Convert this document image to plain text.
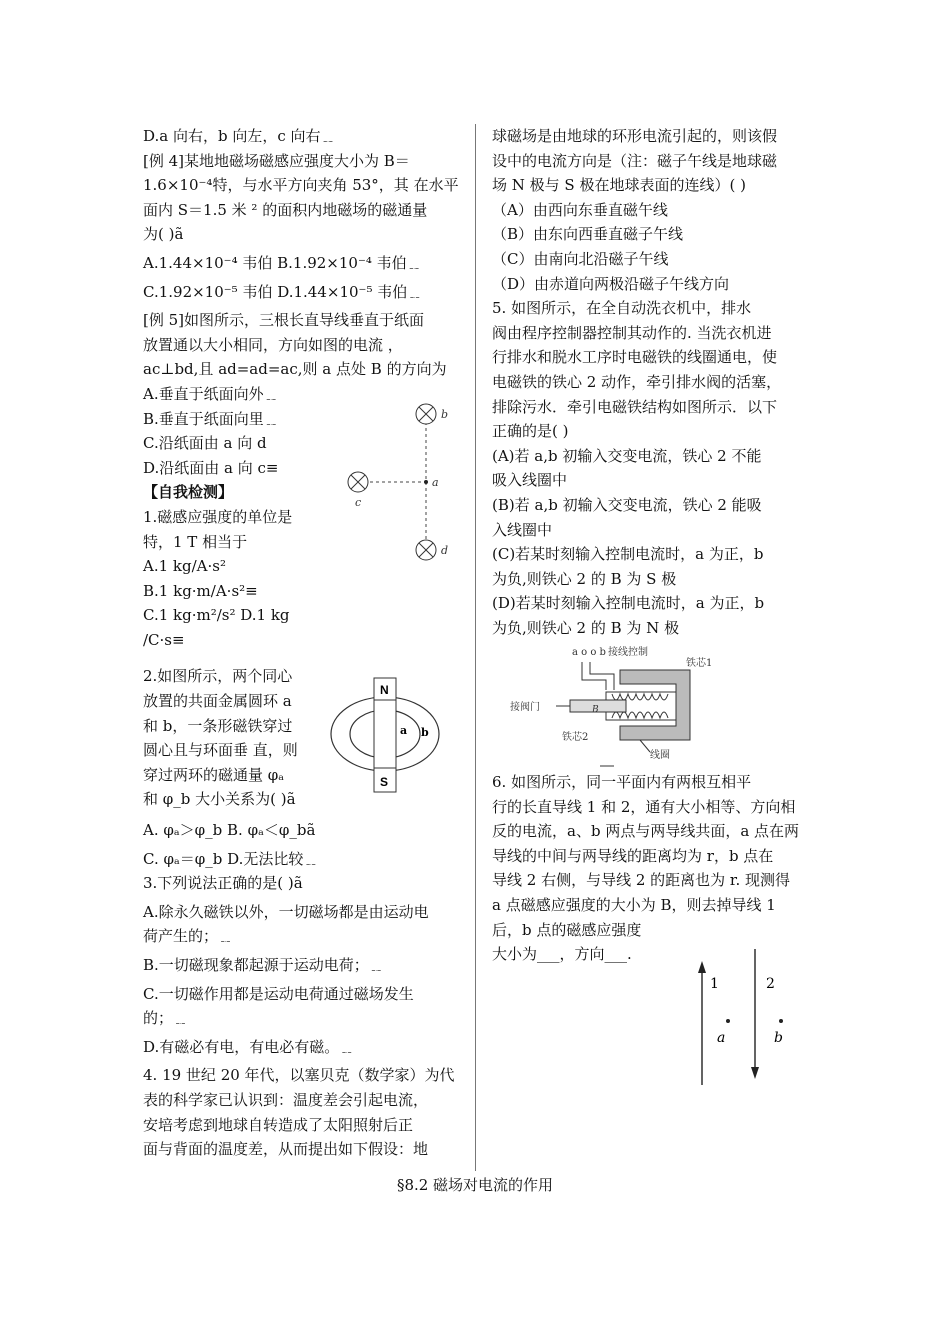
D.a 向右，b 向左，c 向右﹎
[例 4]某地地磁场磁感应强度大小为 B＝
1.6×10⁻⁴特，与水平方向夹角 53°，其 在水平
面内 S＝1.5 米 ² 的面积内地磁场的磁通量
为( )ã
A.1.44×10⁻⁴ 韦伯 B.1.92×10⁻⁴ 韦伯﹎
C.1.92×10⁻⁵ 韦伯 D.1.44×10⁻⁵ 韦伯﹎
[例 5]如图所示，三根长直导线垂直于纸面
放置通以大小相同，方向如图的电流 ，
ac⊥bd,且 ad=ad=ac,则 a 点处 B 的方向为
A.垂直于纸面向外﹎
B.垂直于纸面向里﹎
C.沿纸面由 a 向 d
D.沿纸面由 a 向 c≡
【自我检测】
1.磁感应强度的单位是
特，1 T 相当于
A.1 kg/A·s²
B.1 kg·m/A·s²≡
C.1 kg·m²/s² D.1 kg
/C·s≡
2.如图所示，两个同心
放置的共面金属圆环 a
和 b，一条形磁铁穿过
圆心且与环面垂 直，则
穿过两环的磁通量 φₐ
和 φ_b 大小关系为( )ã
A. φₐ＞φ_b B. φₐ＜φ_bã
C. φₐ＝φ_b D.无法比较﹎
3.下列说法正确的是( )ã
A.除永久磁铁以外，一切磁场都是由运动电
荷产生的；﹎
B.一切磁现象都起源于运动电荷；﹎
C.一切磁作用都是运动电荷通过磁场发生
的；﹎
D.有磁必有电，有电必有磁。﹎
4. 19 世纪 20 年代，以塞贝克（数学家）为代
表的科学家已认识到：温度差会引起电流，
安培考虑到地球自转造成了太阳照射后正
面与背面的温度差，从而提出如下假设：地
球磁场是由地球的环形电流引起的，则该假
设中的电流方向是（注：磁子午线是地球磁
场 N 极与 S 极在地球表面的连线）( )
（A）由西向东垂直磁午线
（B）由东向西垂直磁子午线
（C）由南向北沿磁子午线
（D）由赤道向两极沿磁子午线方向
5. 如图所示，在全自动洗衣机中，排水
阀由程序控制器控制其动作的. 当洗衣机进
行排水和脱水工序时电磁铁的线圈通电，使
电磁铁的铁心 2 动作，牵引排水阀的活塞，
排除污水．牵引电磁铁结构如图所示．以下
正确的是( )
(A)若 a,b 初输入交变电流，铁心 2 不能
吸入线圈中
(B)若 a,b 初输入交变电流，铁心 2 能吸
入线圈中
(C)若某时刻输入控制电流时，a 为正，b
为负,则铁心 2 的 B 为 S 极
(D)若某时刻输入控制电流时，a 为正，b
为负,则铁心 2 的 B 为 N 极
6. 如图所示，同一平面内有两根互相平
行的长直导线 1 和 2，通有大小相等、方向相
反的电流，a、b 两点与两导线共面，a 点在两
导线的中间与两导线的距离均为 r，b 点在
导线 2 右侧，与导线 2 的距离也为 r. 现测得
a 点磁感应强度的大小为 B，则去掉导线 1
后，b 点的磁感应强度
大小为___，方向___.
b
a
c
d
N
S
a b
a o o b 接线控制
铁芯1
接阀门	B
铁芯2
线圈
1	2
a	b
§8.2 磁场对电流的作用
